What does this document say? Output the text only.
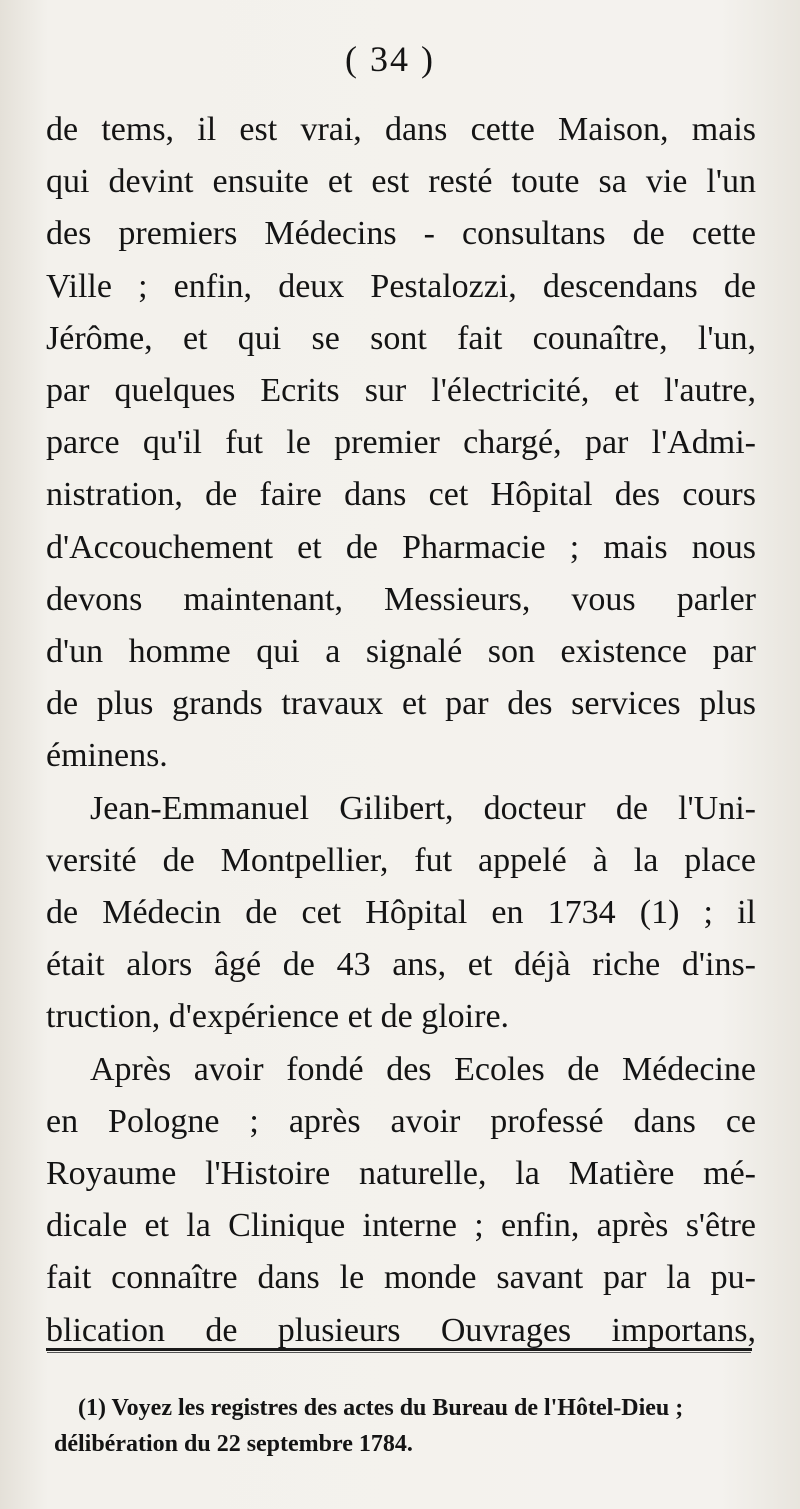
( 34 )
de tems, il est vrai, dans cette Maison, mais
qui devint ensuite et est resté toute sa vie l'un
des premiers Médecins - consultans de cette
Ville ; enfin, deux Pestalozzi, descendans de
Jérôme, et qui se sont fait counaître, l'un,
par quelques Ecrits sur l'électricité, et l'autre,
parce qu'il fut le premier chargé, par l'Admi-
nistration, de faire dans cet Hôpital des cours
d'Accouchement et de Pharmacie ; mais nous
devons maintenant, Messieurs, vous parler
d'un homme qui a signalé son existence par
de plus grands travaux et par des services plus
éminens.
Jean-Emmanuel Gilibert, docteur de l'Uni-
versité de Montpellier, fut appelé à la place
de Médecin de cet Hôpital en 1734 (1) ; il
était alors âgé de 43 ans, et déjà riche d'ins-
truction, d'expérience et de gloire.
Après avoir fondé des Ecoles de Médecine
en Pologne ; après avoir professé dans ce
Royaume l'Histoire naturelle, la Matière mé-
dicale et la Clinique interne ; enfin, après s'être
fait connaître dans le monde savant par la pu-
blication de plusieurs Ouvrages importans,
(1) Voyez les registres des actes du Bureau de l'Hôtel-Dieu ;
délibération du 22 septembre 1784.
